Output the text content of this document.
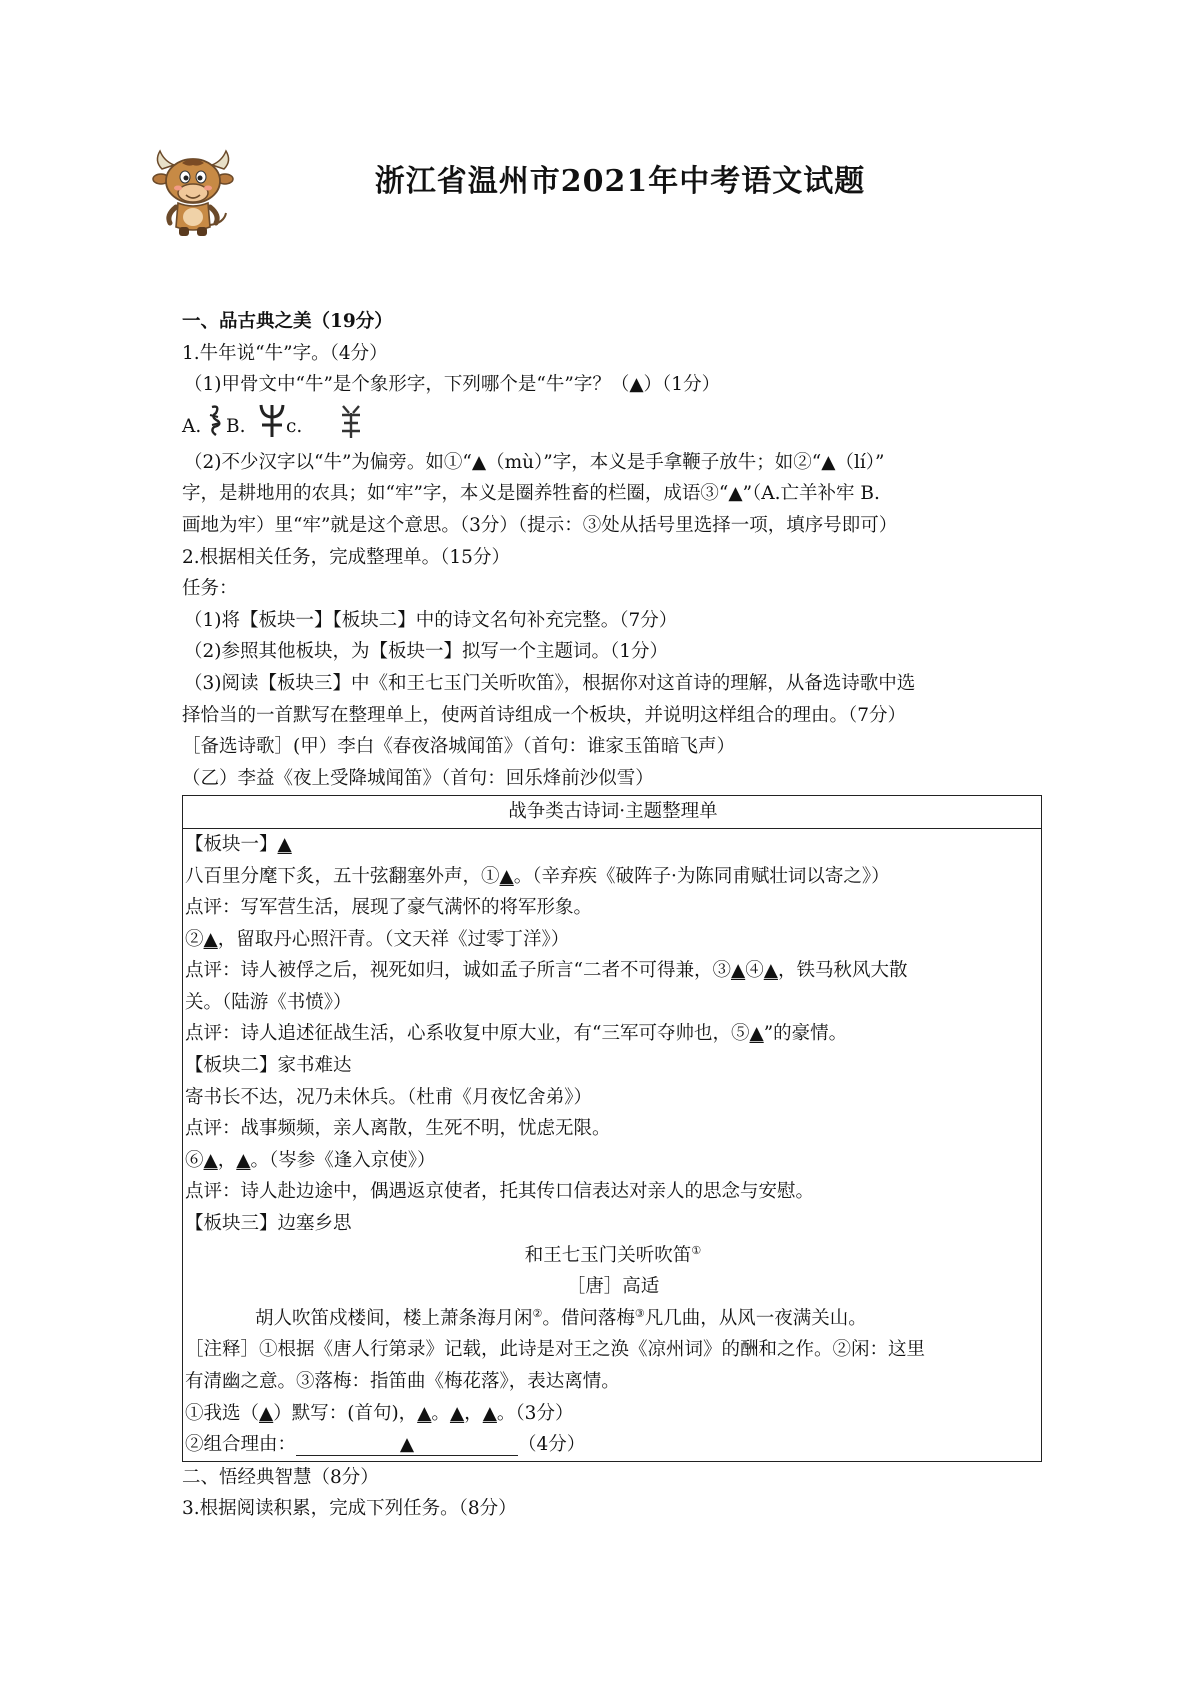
浙江省温州市2021年中考语文试题
一、品古典之美（19分）
1.牛年说“牛”字。（4分）
（1)甲骨文中“牛”是个象形字，下列哪个是“牛”字？（▲）（1分）
A. B. c.
（2)不少汉字以“牛”为偏旁。如①“▲（mù）”字，本义是手拿鞭子放牛；如②“▲（lí）”
字，是耕地用的农具；如“牢”字，本义是圈养牲畜的栏圈，成语③“▲”（A.亡羊补牢 B.
画地为牢）里“牢”就是这个意思。（3分）（提示：③处从括号里选择一项，填序号即可）
2.根据相关任务，完成整理单。（15分）
任务：
（1)将【板块一】【板块二】中的诗文名句补充完整。（7分）
（2)参照其他板块，为【板块一】拟写一个主题词。（1分）
（3)阅读【板块三】中《和王七玉门关听吹笛》，根据你对这首诗的理解，从备选诗歌中选
择恰当的一首默写在整理单上，使两首诗组成一个板块，并说明这样组合的理由。（7分）
［备选诗歌］(甲）李白《春夜洛城闻笛》（首句：谁家玉笛暗飞声）
（乙）李益《夜上受降城闻笛》（首句：回乐烽前沙似雪）
战争类古诗词·主题整理单

【板块一】▲
八百里分麾下炙，五十弦翻塞外声，①▲。（辛弃疾《破阵子·为陈同甫赋壮词以寄之》）
点评：写军营生活，展现了豪气满怀的将军形象。
②▲，留取丹心照汗青。（文天祥《过零丁洋》）
点评：诗人被俘之后，视死如归，诚如孟子所言“二者不可得兼，③▲④▲，铁马秋风大散
关。（陆游《书愤》）
点评：诗人追述征战生活，心系收复中原大业，有“三军可夺帅也，⑤▲”的豪情。
【板块二】家书难达
寄书长不达，况乃未休兵。（杜甫《月夜忆舍弟》）
点评：战事频频，亲人离散，生死不明，忧虑无限。
⑥▲，▲。（岑参《逢入京使》）
点评：诗人赴边途中，偶遇返京使者，托其传口信表达对亲人的思念与安慰。
【板块三】边塞乡思
和王七玉门关听吹笛①
［唐］高适
胡人吹笛戍楼间，楼上萧条海月闲②。借问落梅③凡几曲，从风一夜满关山。
［注释］①根据《唐人行第录》记载，此诗是对王之涣《凉州词》的酬和之作。②闲：这里
有清幽之意。③落梅：指笛曲《梅花落》，表达离情。
①我选（▲）默写：(首句)，▲。▲，▲。（3分）
②组合理由：	▲	（4分）
二、悟经典智慧（8分）
3.根据阅读积累，完成下列任务。（8分）
